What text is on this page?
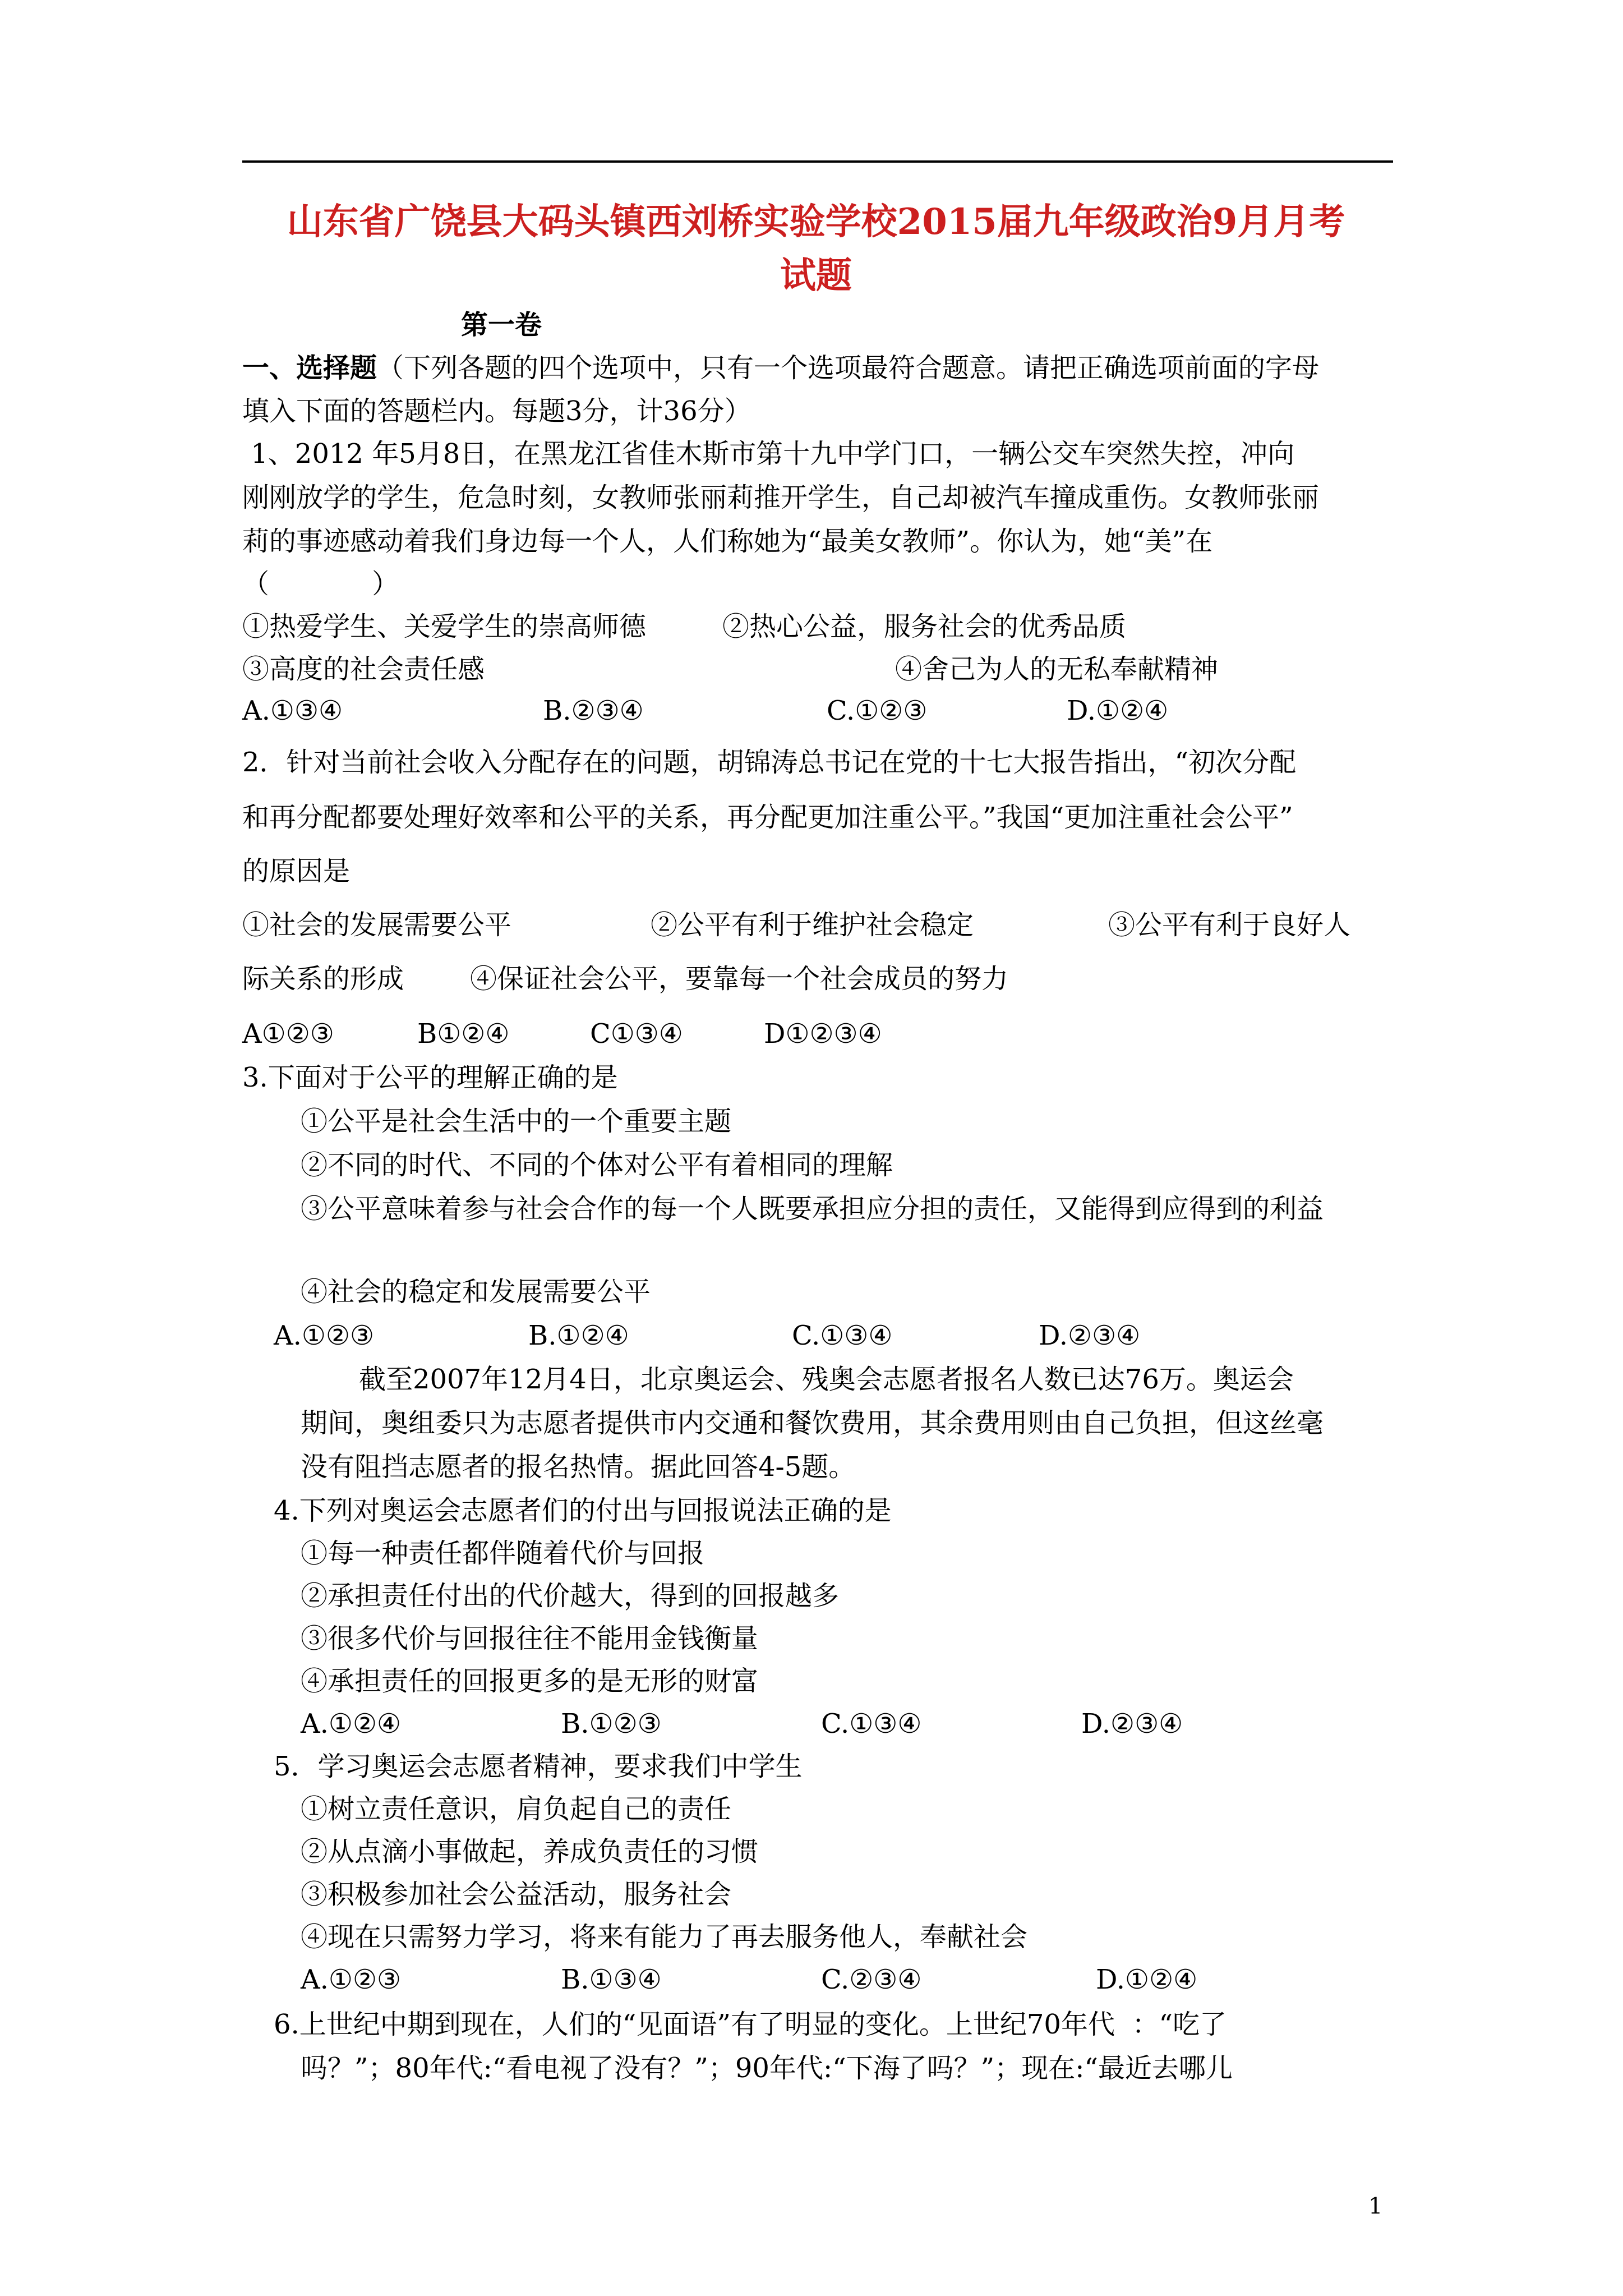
山东省广饶县大码头镇西刘桥实验学校2015届九年级政治9月月考
试题
第一卷
一、选择题（下列各题的四个选项中，只有一个选项最符合题意。请把正确选项前面的字母
填入下面的答题栏内。每题3分，计36分）
1、2012 年5月8日，在黑龙江省佳木斯市第十九中学门口，一辆公交车突然失控，冲向
刚刚放学的学生，危急时刻，女教师张丽莉推开学生，自己却被汽车撞成重伤。女教师张丽
莉的事迹感动着我们身边每一个人，人们称她为“最美女教师”。你认为，她“美”在
（            ）
①热爱学生、关爱学生的崇高师德	②热心公益，服务社会的优秀品质
③高度的社会责任感	④舍己为人的无私奉献精神
A.①③④	B.②③④	C.①②③	D.①②④
2．针对当前社会收入分配存在的问题，胡锦涛总书记在党的十七大报告指出，“初次分配
和再分配都要处理好效率和公平的关系，再分配更加注重公平。”我国“更加注重社会公平”
的原因是
①社会的发展需要公平	②公平有利于维护社会稳定	③公平有利于良好人
际关系的形成 ④保证社会公平，要靠每一个社会成员的努力
A①②③	B①②④	C①③④	D①②③④
3.下面对于公平的理解正确的是
①公平是社会生活中的一个重要主题
②不同的时代、不同的个体对公平有着相同的理解
③公平意味着参与社会合作的每一个人既要承担应分担的责任，又能得到应得到的利益
④社会的稳定和发展需要公平
A.①②③	B.①②④	C.①③④	D.②③④
截至2007年12月4日，北京奥运会、残奥会志愿者报名人数已达76万。奥运会
期间，奥组委只为志愿者提供市内交通和餐饮费用，其余费用则由自己负担，但这丝毫
没有阻挡志愿者的报名热情。据此回答4-5题。
4.下列对奥运会志愿者们的付出与回报说法正确的是
①每一种责任都伴随着代价与回报
②承担责任付出的代价越大，得到的回报越多
③很多代价与回报往往不能用金钱衡量
④承担责任的回报更多的是无形的财富
A.①②④	B.①②③	C.①③④	D.②③④
5．学习奥运会志愿者精神，要求我们中学生
①树立责任意识，肩负起自己的责任
②从点滴小事做起，养成负责任的习惯
③积极参加社会公益活动，服务社会
④现在只需努力学习，将来有能力了再去服务他人，奉献社会
A.①②③	B.①③④	C.②③④	D.①②④
6.上世纪中期到现在，人们的“见面语”有了明显的变化。上世纪70年代  ：“吃了
吗？”；80年代:“看电视了没有？”；90年代:“下海了吗？”；现在:“最近去哪儿
1
